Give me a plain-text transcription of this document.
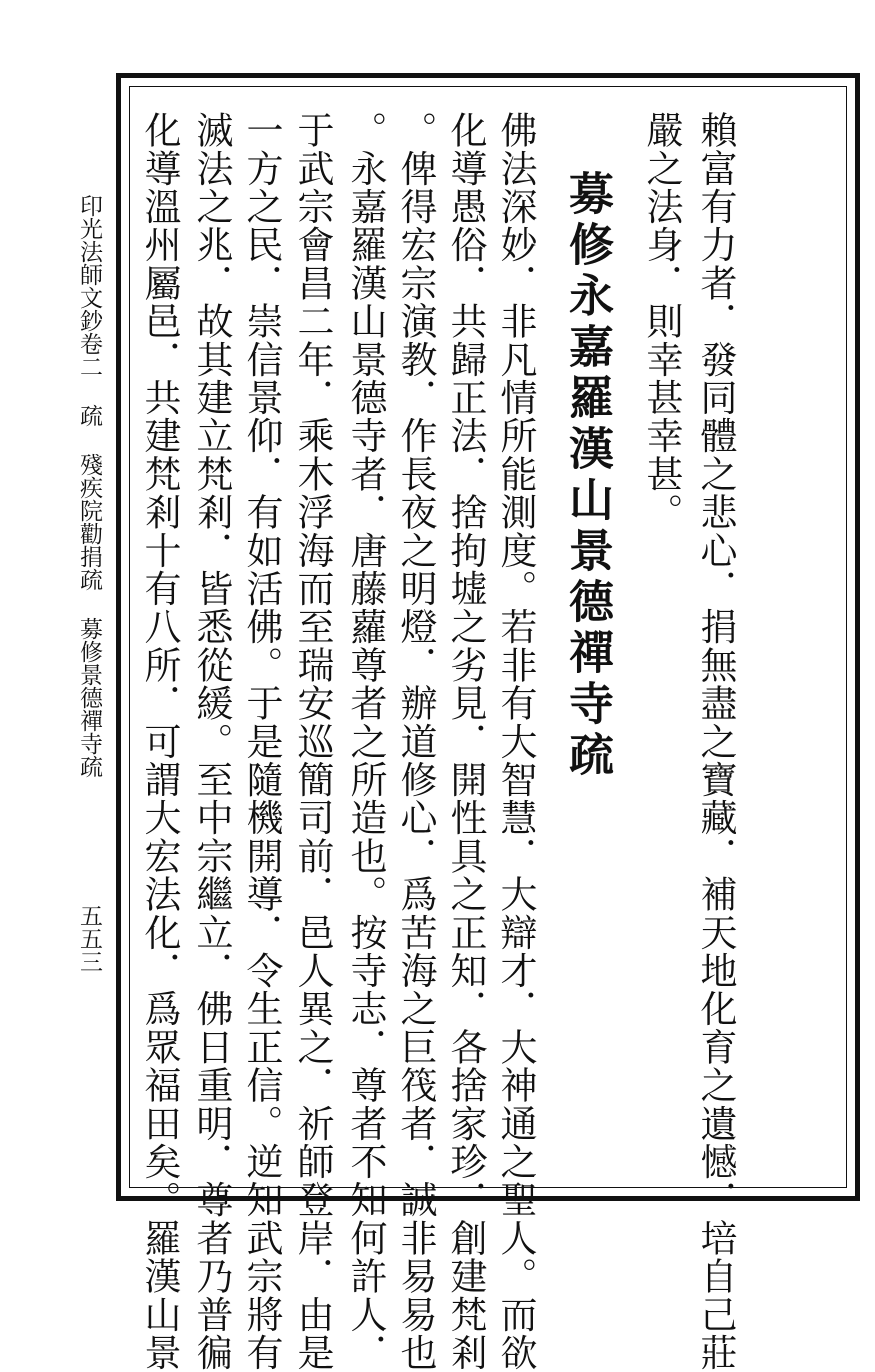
賴富有力者．發同體之悲心．捐無盡之寶藏．補天地化育之遺憾．培自己莊
嚴之法身．則幸甚幸甚。
募修永嘉羅漢山景德禪寺疏
佛法深妙．非凡情所能測度。若非有大智慧．大辯才．大神通之聖人。而欲
化導愚俗．共歸正法．捨拘墟之劣見．開性具之正知．各捨家珍．創建梵剎
。俾得宏宗演教．作長夜之明燈．辦道修心．爲苦海之巨筏者．誠非易易也
。永嘉羅漢山景德寺者．唐藤蘿尊者之所造也。按寺志．尊者不知何許人．
于武宗會昌二年．乘木浮海而至瑞安巡簡司前．邑人異之．祈師登岸．由是
一方之民．崇信景仰．有如活佛。于是隨機開導．令生正信。逆知武宗將有
滅法之兆．故其建立梵剎．皆悉從緩。至中宗繼立．佛日重明．尊者乃普徧
化導溫州屬邑．共建梵剎十有八所．可謂大宏法化．爲眾福田矣。羅漢山景
印光法師文鈔卷二 疏 殘疾院勸捐疏 募修景德禪寺疏
五五三
